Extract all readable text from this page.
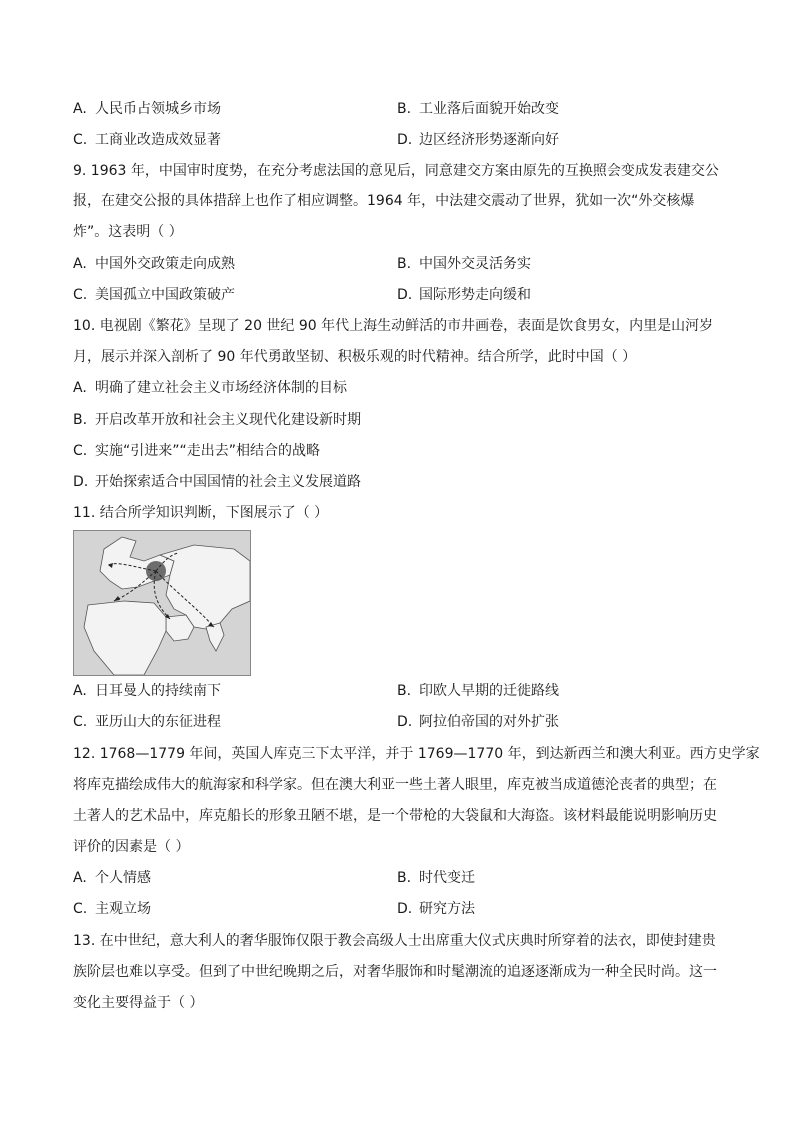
A. 人民币占领城乡市场	B. 工业落后面貌开始改变
C. 工商业改造成效显著	D. 边区经济形势逐渐向好
9. 1963 年，中国审时度势，在充分考虑法国的意见后，同意建交方案由原先的互换照会变成发表建交公
报，在建交公报的具体措辞上也作了相应调整。1964 年，中法建交震动了世界，犹如一次“外交核爆
炸”。这表明（ ）
A. 中国外交政策走向成熟	B. 中国外交灵活务实
C. 美国孤立中国政策破产	D. 国际形势走向缓和
10. 电视剧《繁花》呈现了 20 世纪 90 年代上海生动鲜活的市井画卷，表面是饮食男女，内里是山河岁
月，展示并深入剖析了 90 年代勇敢坚韧、积极乐观的时代精神。结合所学，此时中国（ ）
A. 明确了建立社会主义市场经济体制的目标
B. 开启改革开放和社会主义现代化建设新时期
C. 实施“引进来”“走出去”相结合的战略
D. 开始探索适合中国国情的社会主义发展道路
11. 结合所学知识判断，下图展示了（ ）
A. 日耳曼人的持续南下	B. 印欧人早期的迁徙路线
C. 亚历山大的东征进程	D. 阿拉伯帝国的对外扩张
12. 1768—1779 年间，英国人库克三下太平洋，并于 1769—1770 年，到达新西兰和澳大利亚。西方史学家
将库克描绘成伟大的航海家和科学家。但在澳大利亚一些土著人眼里，库克被当成道德沦丧者的典型；在
土著人的艺术品中，库克船长的形象丑陋不堪，是一个带枪的大袋鼠和大海盗。该材料最能说明影响历史
评价的因素是（ ）
A. 个人情感	B. 时代变迁
C. 主观立场	D. 研究方法
13. 在中世纪，意大利人的奢华服饰仅限于教会高级人士出席重大仪式庆典时所穿着的法衣，即使封建贵
族阶层也难以享受。但到了中世纪晚期之后，对奢华服饰和时髦潮流的追逐逐渐成为一种全民时尚。这一
变化主要得益于（ ）
